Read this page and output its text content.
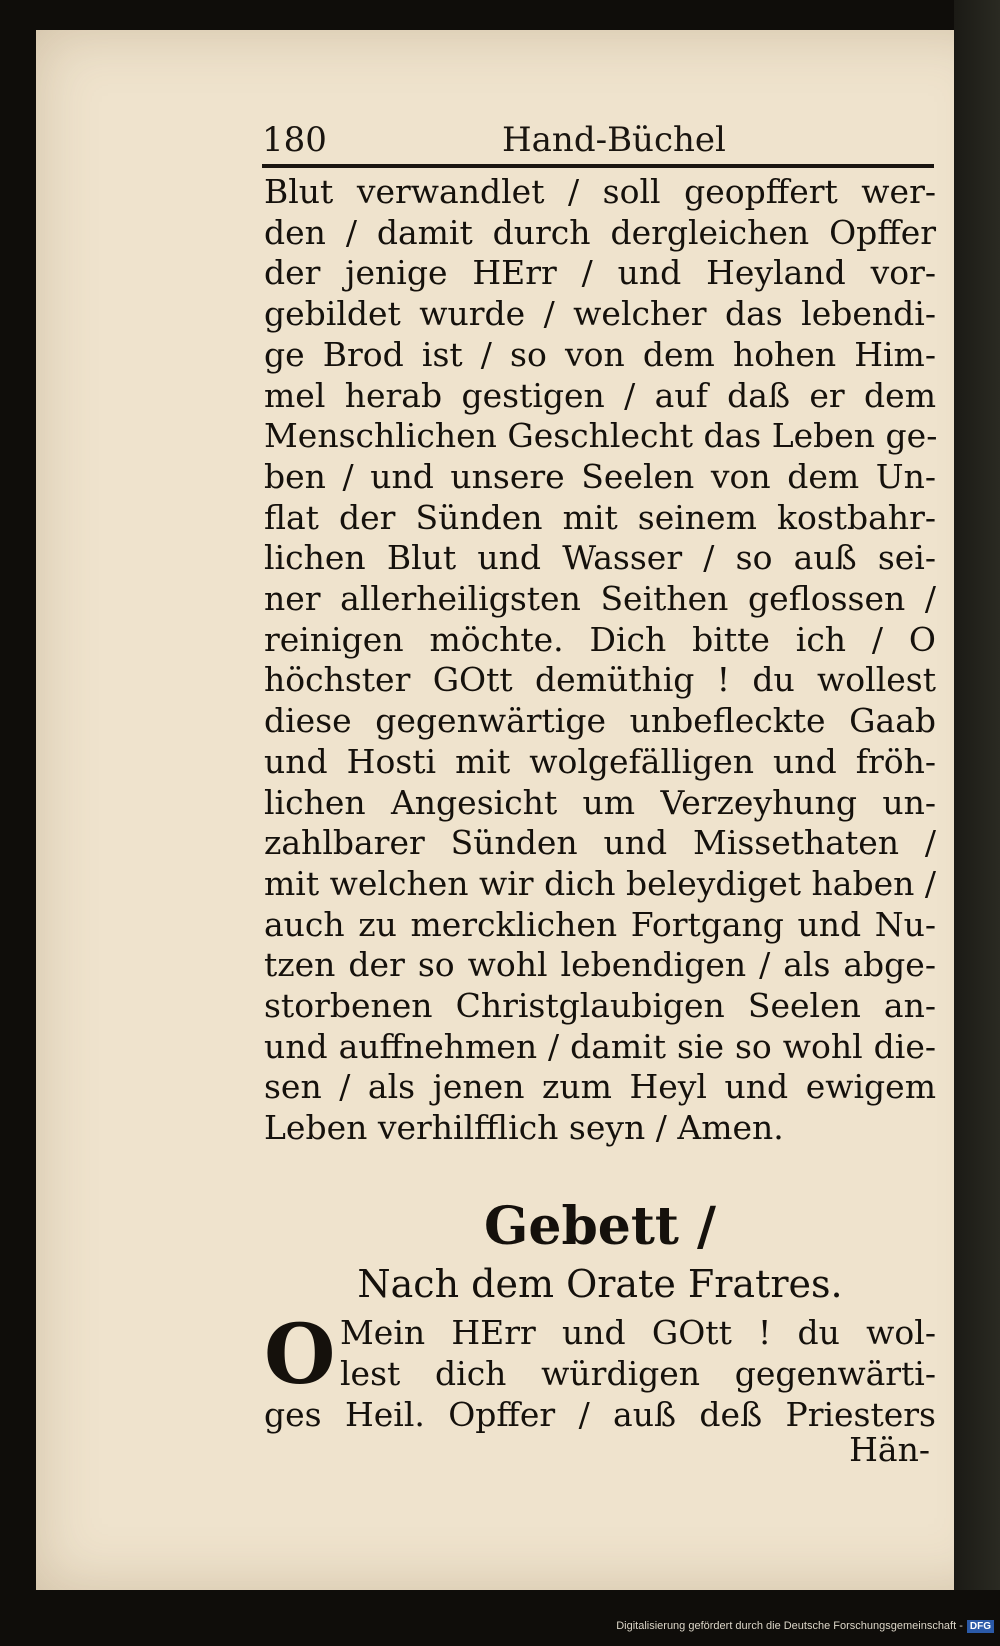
180	Hand-Büchel
Blut verwandlet / soll geopffert wer-
den / damit durch dergleichen Opffer
der jenige HErr / und Heyland vor-
gebildet wurde / welcher das lebendi-
ge Brod ist / so von dem hohen Him-
mel herab gestigen / auf daß er dem
Menschlichen Geschlecht das Leben ge-
ben / und unsere Seelen von dem Un-
flat der Sünden mit seinem kostbahr-
lichen Blut und Wasser / so auß sei-
ner allerheiligsten Seithen geflossen /
reinigen möchte. Dich bitte ich / O
höchster GOtt demüthig ! du wollest
diese gegenwärtige unbefleckte Gaab
und Hosti mit wolgefälligen und fröh-
lichen Angesicht um Verzeyhung un-
zahlbarer Sünden und Missethaten /
mit welchen wir dich beleydiget haben /
auch zu mercklichen Fortgang und Nu-
tzen der so wohl lebendigen / als abge-
storbenen Christglaubigen Seelen an-
und auffnehmen / damit sie so wohl die-
sen / als jenen zum Heyl und ewigem
Leben verhilfflich seyn / Amen.
Gebett /
Nach dem Orate Fratres.
O Mein HErr und GOtt ! du wol-
lest dich würdigen gegenwärti-
ges Heil. Opffer / auß deß Priesters
Hän-
Digitalisierung gefördert durch die Deutsche Forschungsgemeinschaft - DFG
